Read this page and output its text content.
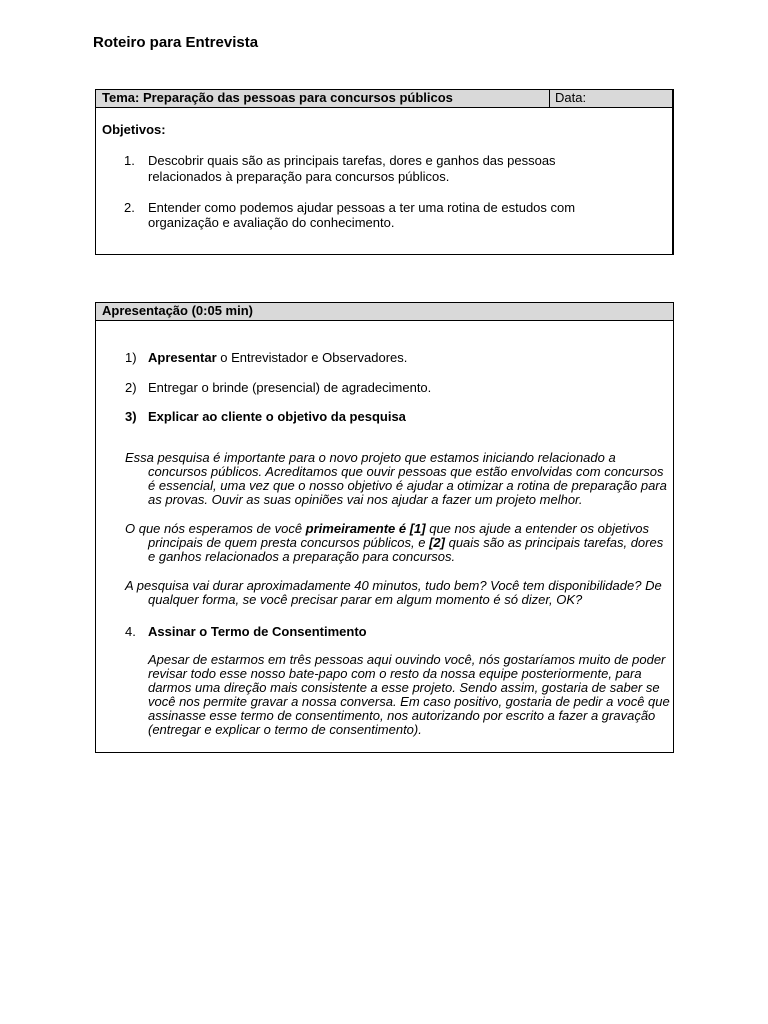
Roteiro para Entrevista
Tema: Preparação das pessoas para concursos públicos	Data:
Objetivos:
1. Descobrir quais são as principais tarefas, dores e ganhos das pessoas
relacionados à preparação para concursos públicos.
2. Entender como podemos ajudar pessoas a ter uma rotina de estudos com
organização e avaliação do conhecimento.
Apresentação (0:05 min)
1) Apresentar o Entrevistador e Observadores.
2) Entregar o brinde (presencial) de agradecimento.
3) Explicar ao cliente o objetivo da pesquisa
Essa pesquisa é importante para o novo projeto que estamos iniciando relacionado a
concursos públicos. Acreditamos que ouvir pessoas que estão envolvidas com concursos
é essencial, uma vez que o nosso objetivo é ajudar a otimizar a rotina de preparação para
as provas. Ouvir as suas opiniões vai nos ajudar a fazer um projeto melhor.
O que nós esperamos de você primeiramente é [1] que nos ajude a entender os objetivos
principais de quem presta concursos públicos, e [2] quais são as principais tarefas, dores
e ganhos relacionados a preparação para concursos.
A pesquisa vai durar aproximadamente 40 minutos, tudo bem? Você tem disponibilidade? De
qualquer forma, se você precisar parar em algum momento é só dizer, OK?
4. Assinar o Termo de Consentimento
Apesar de estarmos em três pessoas aqui ouvindo você, nós gostaríamos muito de poder
revisar todo esse nosso bate-papo com o resto da nossa equipe posteriormente, para
darmos uma direção mais consistente a esse projeto. Sendo assim, gostaria de saber se
você nos permite gravar a nossa conversa. Em caso positivo, gostaria de pedir a você que
assinasse esse termo de consentimento, nos autorizando por escrito a fazer a gravação
(entregar e explicar o termo de consentimento).
